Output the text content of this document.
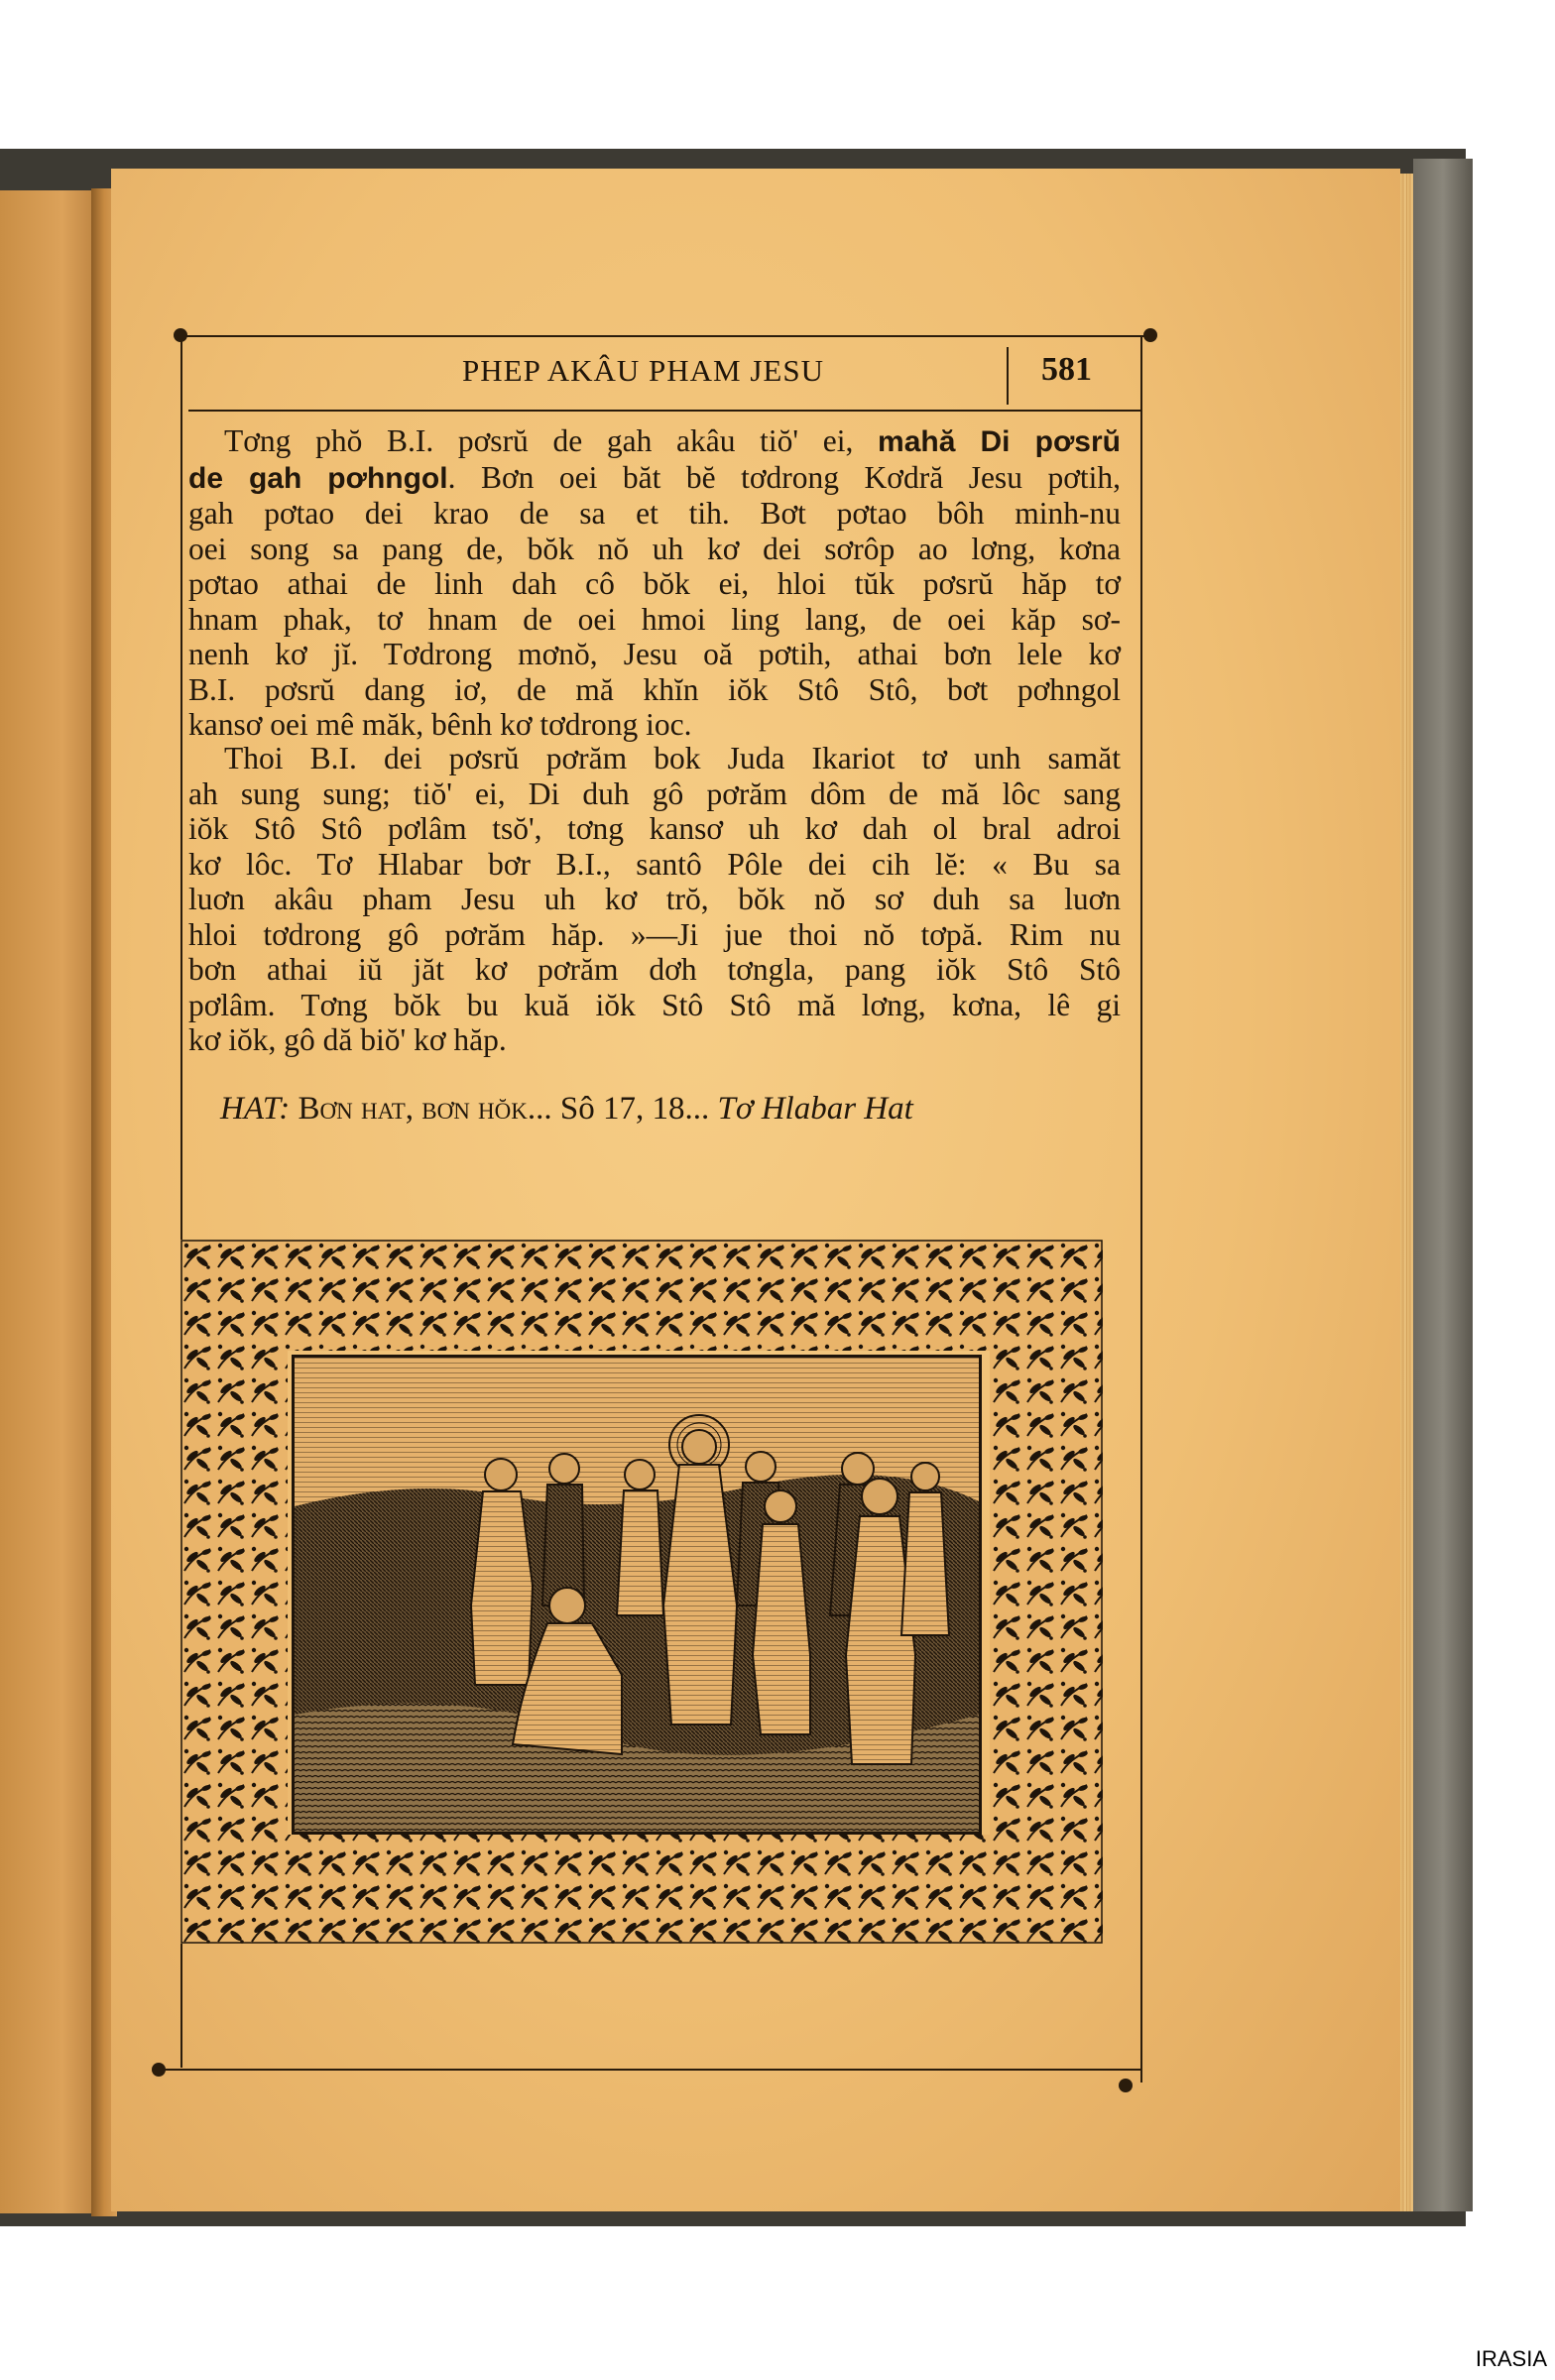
PHEP AKÂU PHAM JESU	581
Tơng phŏ B.I. pơsrŭ de gah akâu tiŏ' ei, mahă Di pơsrŭ
de gah pơhngol. Bơn oei băt bĕ tơdrong Kơdră Jesu pơtih,
gah pơtao dei krao de sa et tih. Bơt pơtao bôh minh-nu
oei song sa pang de, bŏk nŏ uh kơ dei sơrôp ao lơng, kơna
pơtao athai de linh dah cô bŏk ei, hloi tŭk pơsrŭ hăp tơ
hnam phak, tơ hnam de oei hmoi ling lang, de oei kăp sơ-
nenh kơ jĭ. Tơdrong mơnŏ, Jesu oă pơtih, athai bơn lele kơ
B.I. pơsrŭ dang iơ, de mă khĭn iŏk Stô Stô, bơt pơhngol
kansơ oei mê măk, bênh kơ tơdrong ioc.
Thoi B.I. dei pơsrŭ pơrăm bok Juda Ikariot tơ unh samăt
ah sung sung; tiŏ' ei, Di duh gô pơrăm dôm de mă lôc sang
iŏk Stô Stô pơlâm tsŏ', tơng kansơ uh kơ dah ol bral adroi
kơ lôc. Tơ Hlabar bơr B.I., santô Pôle dei cih lĕ: « Bu sa
luơn akâu pham Jesu uh kơ trŏ, bŏk nŏ sơ duh sa luơn
hloi tơdrong gô pơrăm hăp. »—Ji jue thoi nŏ tơpă. Rim nu
bơn athai iŭ jăt kơ pơrăm dơh tơngla, pang iŏk Stô Stô
pơlâm. Tơng bŏk bu kuă iŏk Stô Stô mă lơng, kơna, lê gi
kơ iŏk, gô dă biŏ' kơ hăp.
HAT: Bơn hat, bơn hŏk... Sô 17, 18... Tơ Hlabar Hat
IRASIA
